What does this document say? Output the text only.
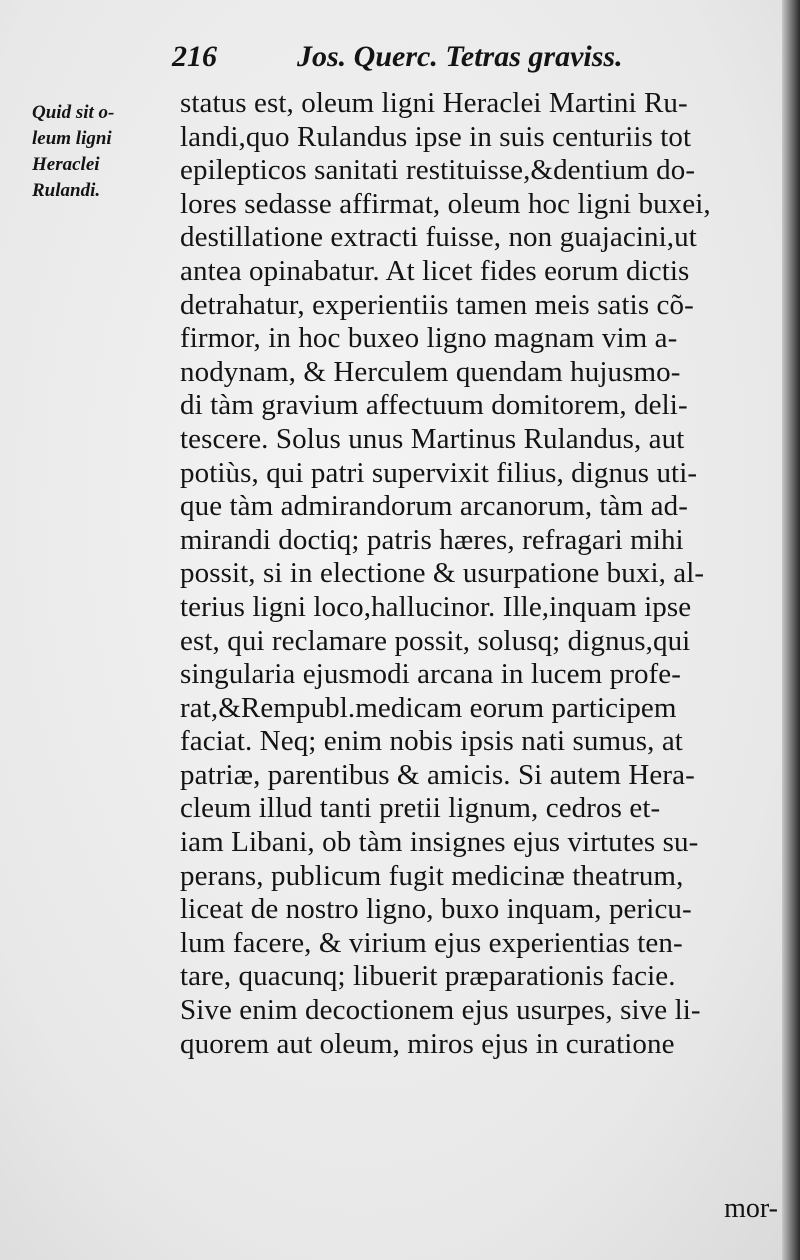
216	Jos. Querc. Tetras graviss.
Quid sit o-
leum ligni
Heraclei
Rulandi.
status est, oleum ligni Heraclei Martini Ru-
landi,quo Rulandus ipse in suis centuriis tot
epilepticos sanitati restituisse,&dentium do-
lores sedasse affirmat, oleum hoc ligni buxei,
destillatione extracti fuisse, non guajacini,ut
antea opinabatur. At licet fides eorum dictis
detrahatur, experientiis tamen meis satis cõ-
firmor, in hoc buxeo ligno magnam vim a-
nodynam, & Herculem quendam hujusmo-
di tàm gravium affectuum domitorem, deli-
tescere. Solus unus Martinus Rulandus, aut
potiùs, qui patri supervixit filius, dignus uti-
que tàm admirandorum arcanorum, tàm ad-
mirandi doctiq; patris hæres, refragari mihi
possit, si in electione & usurpatione buxi, al-
terius ligni loco,hallucinor. Ille,inquam ipse
est, qui reclamare possit, solusq; dignus,qui
singularia ejusmodi arcana in lucem profe-
rat,&Rempubl.medicam eorum participem
faciat. Neq; enim nobis ipsis nati sumus, at
patriæ, parentibus & amicis. Si autem Hera-
cleum illud tanti pretii lignum, cedros et-
iam Libani, ob tàm insignes ejus virtutes su-
perans, publicum fugit medicinæ theatrum,
liceat de nostro ligno, buxo inquam, pericu-
lum facere, & virium ejus experientias ten-
tare, quacunq; libuerit præparationis facie.
Sive enim decoctionem ejus usurpes, sive li-
quorem aut oleum, miros ejus in curatione
mor-
